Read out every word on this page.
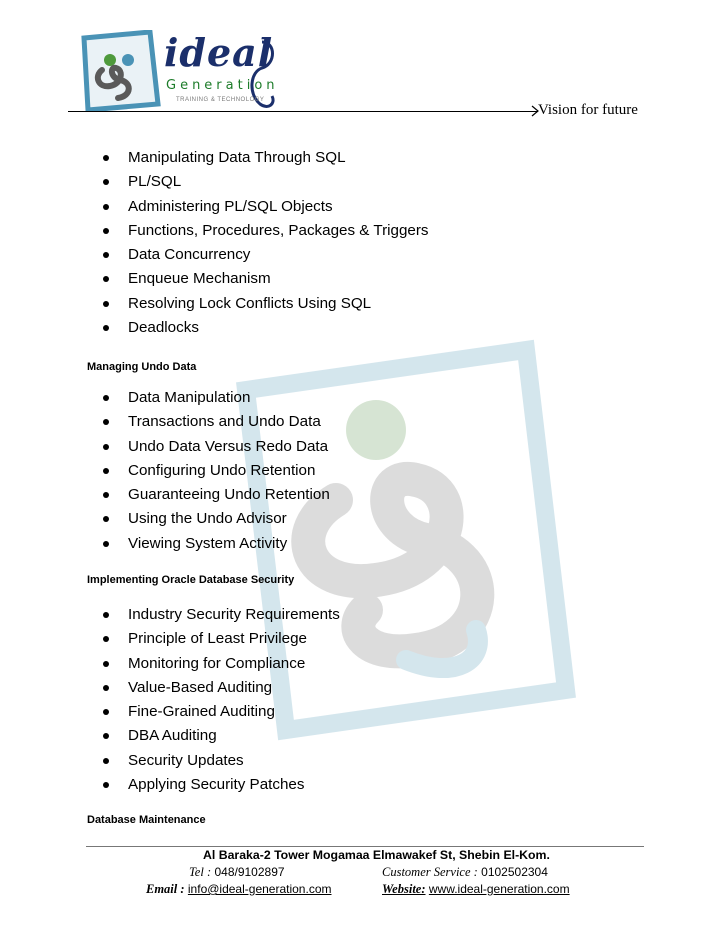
ideal
Generation
TRAINING & TECHNOLOGY
Vision for future
Manipulating Data Through SQL
PL/SQL
Administering PL/SQL Objects
Functions, Procedures, Packages & Triggers
Data Concurrency
Enqueue Mechanism
Resolving Lock Conflicts Using SQL
Deadlocks
Managing Undo Data
Data Manipulation
Transactions and Undo Data
Undo Data Versus Redo Data
Configuring Undo Retention
Guaranteeing Undo Retention
Using the Undo Advisor
Viewing System Activity
Implementing Oracle Database Security
Industry Security Requirements
Principle of Least Privilege
Monitoring for Compliance
Value-Based Auditing
Fine-Grained Auditing
DBA Auditing
Security Updates
Applying Security Patches
Database Maintenance
Al Baraka-2 Tower Mogamaa Elmawakef St, Shebin El-Kom.
Tel : 048/9102897	Customer Service : 0102502304
Email : info@ideal-generation.com	Website: www.ideal-generation.com
